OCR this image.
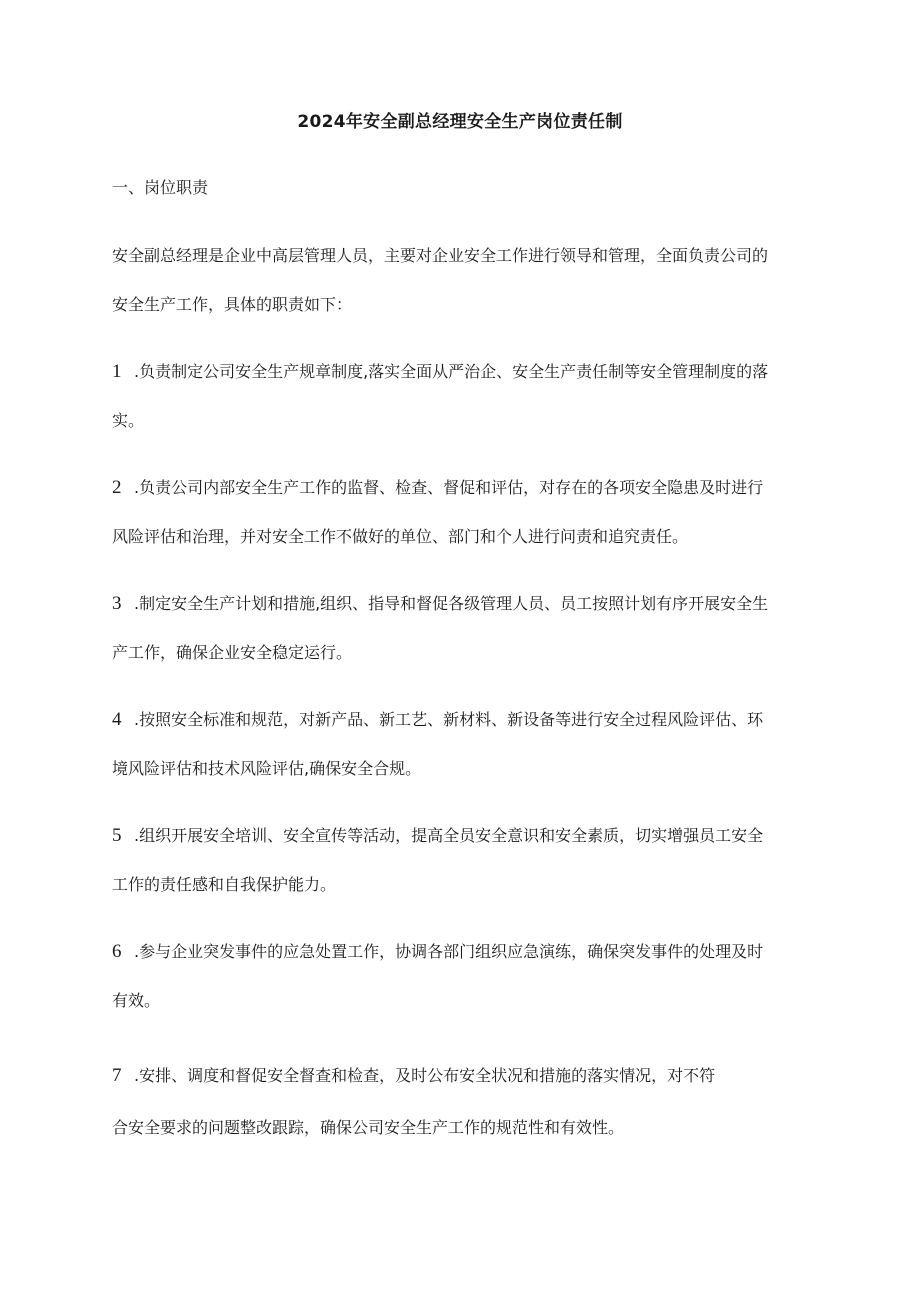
2024年安全副总经理安全生产岗位责任制
一、岗位职责
安全副总经理是企业中高层管理人员，主要对企业安全工作进行领导和管理，全面负责公司的
安全生产工作，具体的职责如下：
1 .负责制定公司安全生产规章制度,落实全面从严治企、安全生产责任制等安全管理制度的落
实。
2 .负责公司内部安全生产工作的监督、检查、督促和评估，对存在的各项安全隐患及时进行
风险评估和治理，并对安全工作不做好的单位、部门和个人进行问责和追究责任。
3 .制定安全生产计划和措施,组织、指导和督促各级管理人员、员工按照计划有序开展安全生
产工作，确保企业安全稳定运行。
4 .按照安全标准和规范，对新产品、新工艺、新材料、新设备等进行安全过程风险评估、环
境风险评估和技术风险评估,确保安全合规。
5 .组织开展安全培训、安全宣传等活动，提高全员安全意识和安全素质，切实增强员工安全
工作的责任感和自我保护能力。
6 .参与企业突发事件的应急处置工作，协调各部门组织应急演练，确保突发事件的处理及时
有效。
7 .安排、调度和督促安全督查和检查，及时公布安全状况和措施的落实情况，对不符
合安全要求的问题整改跟踪，确保公司安全生产工作的规范性和有效性。
